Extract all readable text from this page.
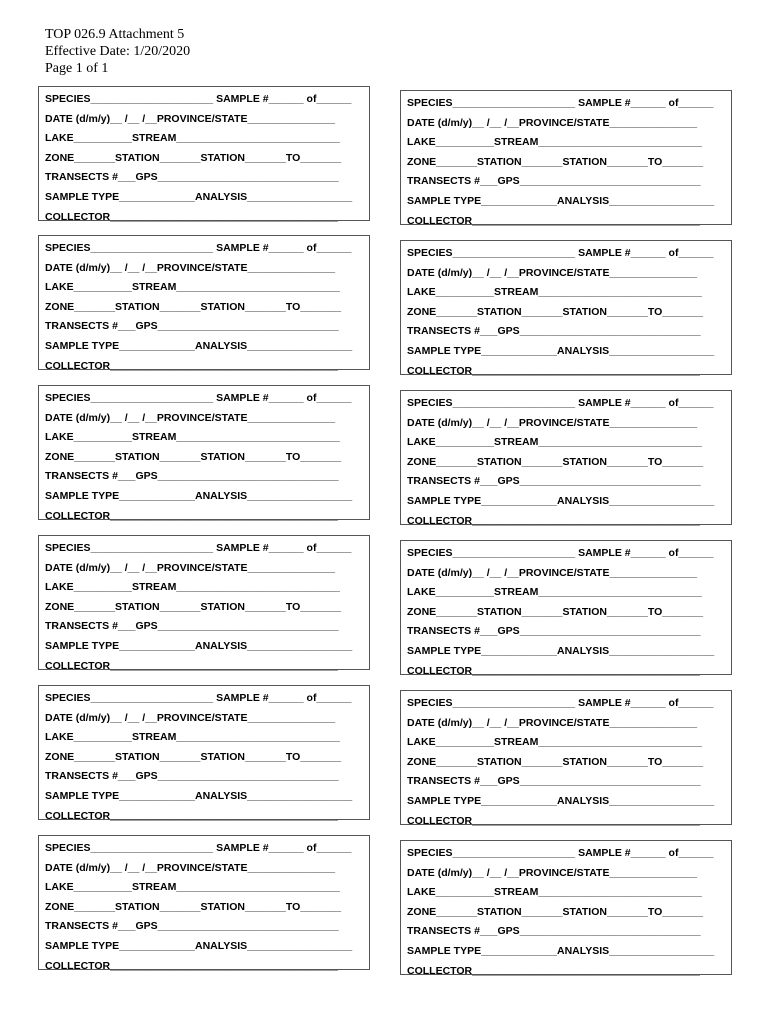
TOP 026.9 Attachment 5
Effective Date: 1/20/2020
Page 1 of 1
SPECIES_____________________ SAMPLE #______ of______
DATE (d/m/y)__ /__ /__PROVINCE/STATE_______________
LAKE__________STREAM____________________________
ZONE_______STATION_______STATION_______TO_______
TRANSECTS #___GPS_______________________________
SAMPLE TYPE_____________ANALYSIS__________________
COLLECTOR_______________________________________
SPECIES_____________________ SAMPLE #______ of______
DATE (d/m/y)__ /__ /__PROVINCE/STATE_______________
LAKE__________STREAM____________________________
ZONE_______STATION_______STATION_______TO_______
TRANSECTS #___GPS_______________________________
SAMPLE TYPE_____________ANALYSIS__________________
COLLECTOR_______________________________________
SPECIES_____________________ SAMPLE #______ of______
DATE (d/m/y)__ /__ /__PROVINCE/STATE_______________
LAKE__________STREAM____________________________
ZONE_______STATION_______STATION_______TO_______
TRANSECTS #___GPS_______________________________
SAMPLE TYPE_____________ANALYSIS__________________
COLLECTOR_______________________________________
SPECIES_____________________ SAMPLE #______ of______
DATE (d/m/y)__ /__ /__PROVINCE/STATE_______________
LAKE__________STREAM____________________________
ZONE_______STATION_______STATION_______TO_______
TRANSECTS #___GPS_______________________________
SAMPLE TYPE_____________ANALYSIS__________________
COLLECTOR_______________________________________
SPECIES_____________________ SAMPLE #______ of______
DATE (d/m/y)__ /__ /__PROVINCE/STATE_______________
LAKE__________STREAM____________________________
ZONE_______STATION_______STATION_______TO_______
TRANSECTS #___GPS_______________________________
SAMPLE TYPE_____________ANALYSIS__________________
COLLECTOR_______________________________________
SPECIES_____________________ SAMPLE #______ of______
DATE (d/m/y)__ /__ /__PROVINCE/STATE_______________
LAKE__________STREAM____________________________
ZONE_______STATION_______STATION_______TO_______
TRANSECTS #___GPS_______________________________
SAMPLE TYPE_____________ANALYSIS__________________
COLLECTOR_______________________________________
SPECIES_____________________ SAMPLE #______ of______
DATE (d/m/y)__ /__ /__PROVINCE/STATE_______________
LAKE__________STREAM____________________________
ZONE_______STATION_______STATION_______TO_______
TRANSECTS #___GPS_______________________________
SAMPLE TYPE_____________ANALYSIS__________________
COLLECTOR_______________________________________
SPECIES_____________________ SAMPLE #______ of______
DATE (d/m/y)__ /__ /__PROVINCE/STATE_______________
LAKE__________STREAM____________________________
ZONE_______STATION_______STATION_______TO_______
TRANSECTS #___GPS_______________________________
SAMPLE TYPE_____________ANALYSIS__________________
COLLECTOR_______________________________________
SPECIES_____________________ SAMPLE #______ of______
DATE (d/m/y)__ /__ /__PROVINCE/STATE_______________
LAKE__________STREAM____________________________
ZONE_______STATION_______STATION_______TO_______
TRANSECTS #___GPS_______________________________
SAMPLE TYPE_____________ANALYSIS__________________
COLLECTOR_______________________________________
SPECIES_____________________ SAMPLE #______ of______
DATE (d/m/y)__ /__ /__PROVINCE/STATE_______________
LAKE__________STREAM____________________________
ZONE_______STATION_______STATION_______TO_______
TRANSECTS #___GPS_______________________________
SAMPLE TYPE_____________ANALYSIS__________________
COLLECTOR_______________________________________
SPECIES_____________________ SAMPLE #______ of______
DATE (d/m/y)__ /__ /__PROVINCE/STATE_______________
LAKE__________STREAM____________________________
ZONE_______STATION_______STATION_______TO_______
TRANSECTS #___GPS_______________________________
SAMPLE TYPE_____________ANALYSIS__________________
COLLECTOR_______________________________________
SPECIES_____________________ SAMPLE #______ of______
DATE (d/m/y)__ /__ /__PROVINCE/STATE_______________
LAKE__________STREAM____________________________
ZONE_______STATION_______STATION_______TO_______
TRANSECTS #___GPS_______________________________
SAMPLE TYPE_____________ANALYSIS__________________
COLLECTOR_______________________________________
